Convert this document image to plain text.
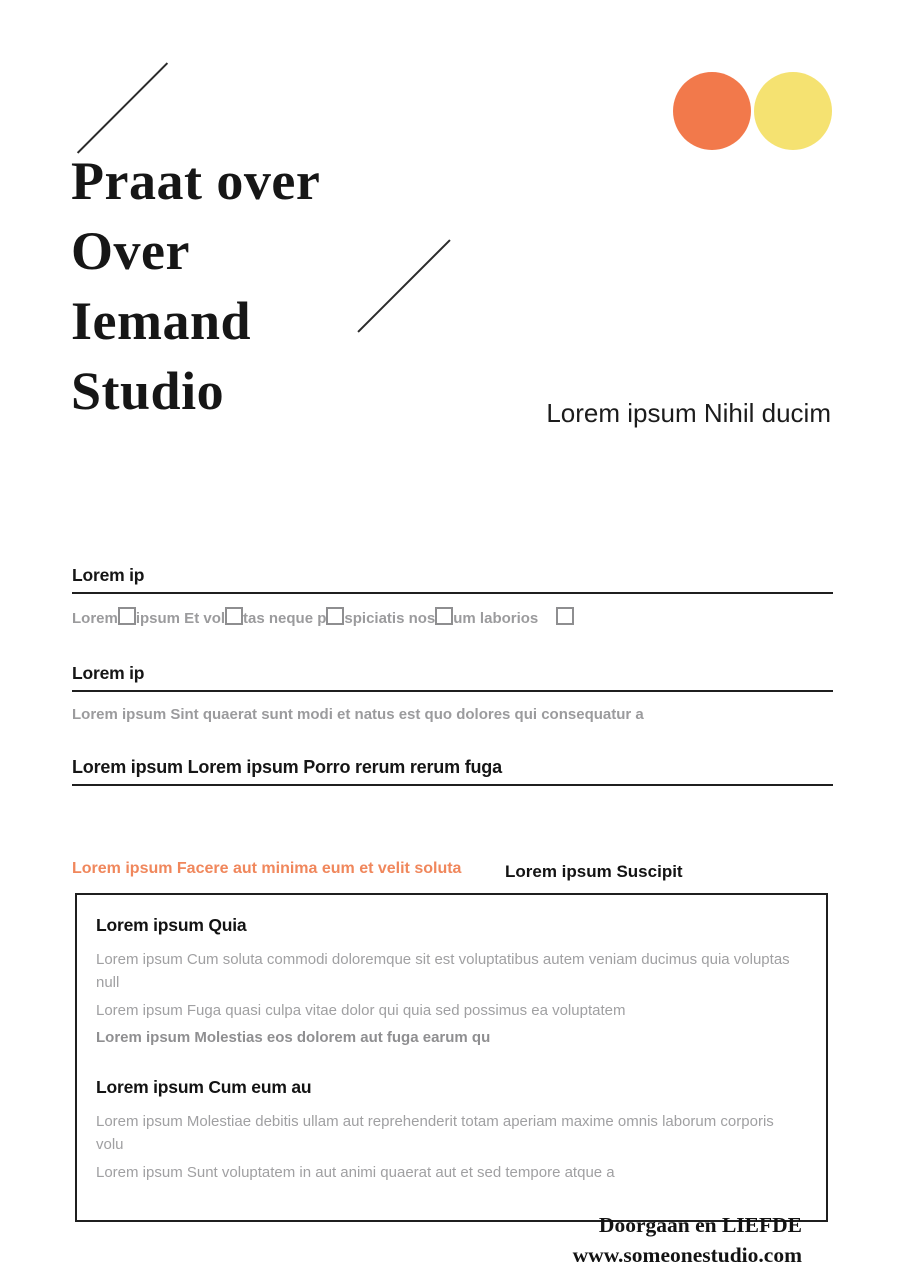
Praat over
Over
Iemand
Studio	Lorem ipsum Nihil ducim
Lorem ip
Lorem ipsum Et vol tas neque p spiciatis nos um laborios
Lorem ip
Lorem ipsum Sint quaerat sunt modi et natus est quo dolores qui consequatur a
Lorem ipsum Lorem ipsum Porro rerum rerum fuga
Lorem ipsum Facere aut minima eum et velit soluta	Lorem ipsum Suscipit
Lorem ipsum Quia

Lorem ipsum Cum soluta commodi doloremque sit est voluptatibus autem veniam ducimus quia voluptas null

Lorem ipsum Fuga quasi culpa vitae dolor qui quia sed possimus ea voluptatem

Lorem ipsum Molestias eos dolorem aut fuga earum qu

Lorem ipsum Cum eum au

Lorem ipsum Molestiae debitis ullam aut reprehenderit totam aperiam maxime omnis laborum corporis volu

Lorem ipsum Sunt voluptatem in aut animi quaerat aut et sed tempore atque a

Doorgaan en LIEFDE
www.someonestudio.com
